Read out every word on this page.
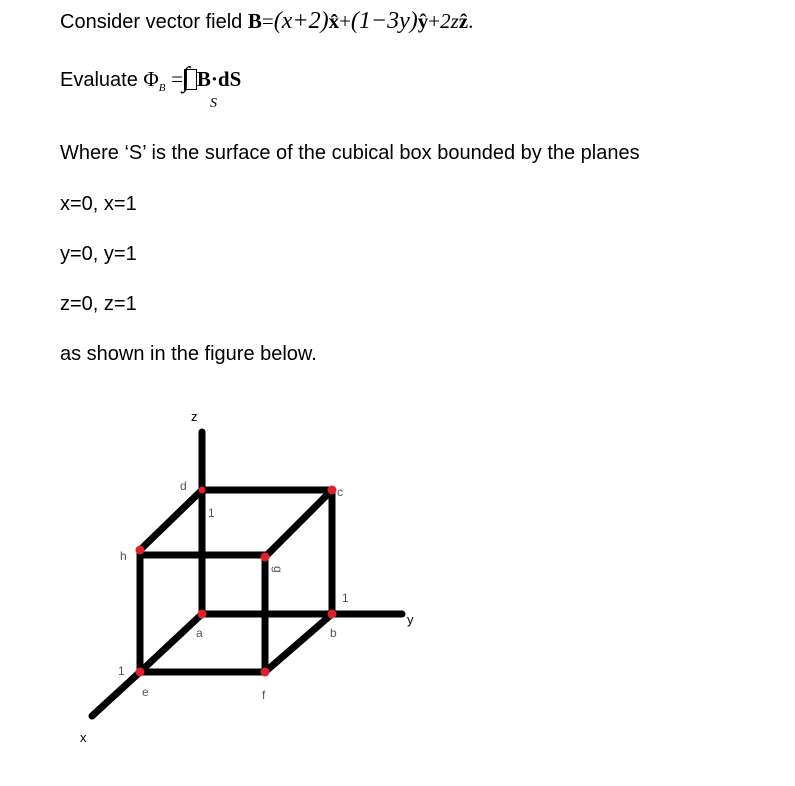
Consider vector field B=(x+2)x̂+(1−3y)ŷ+2zẑ.
Evaluate $\Phi_B$ = ∫ B·dS
S
Where ‘S’ is the surface of the cubical box bounded by the planes
x=0, x=1
y=0, y=1
z=0, z=1
as shown in the figure below.
z
y
x
a	b
c
d
e	f
g
h
1
1
1
